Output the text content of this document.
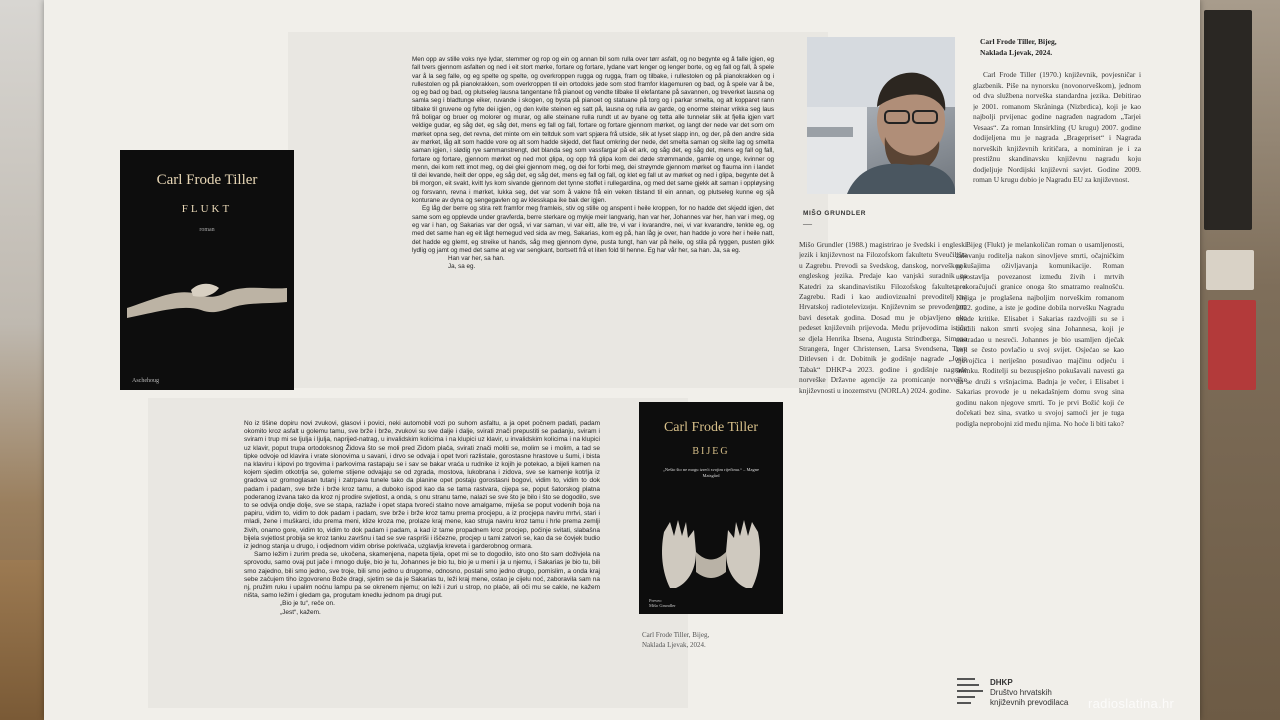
Carl Frode Tiller
FLUKT
roman
Aschehoug
Men opp av stille voks nye lydar, stemmer og rop og ein og annan bil som rulla over tørr asfalt, og no begynte eg å falle igjen, eg fall tvers gjennom asfalten og ned i eit stort mørke, fortare og fortare, lydane vart lenger og lenger borte, og eg fall og fall, å spele var å la seg falle, og eg spelte og spelte, og overkroppen rugga og rugga, fram og tilbake, i rullestolen og på pianokrakken og i rullestolen og på pianokrakken, som overkroppen til ein ortodoks jøde som stod framfor klagemuren og bad, og å spele var å be, og eg bad og bad, og plutseleg lausna tangentane frå pianoet og vendte tilbake til elefantane på savannen, og treverket lausna og samla seg i bladtunge eiker, ruvande i skogen, og bysta på pianoet og statuane på torg og i parkar smelta, og alt kopparet rann tilbake til gruvene og fylte dei igjen, og den kvite steinen eg satt på, lausna og rulla av garde, og enorme steinar vrikka seg laus frå boligar og bruer og molorer og murar, og alle steinane rulla rundt ut av byane og tetta alle tunnelar slik at fjella igjen vart veldige gudar, eg såg det, eg såg det, mens eg fall og fall, fortare og fortare gjennom mørket, og langt der nede var det som om mørket opna seg, det revna, det minte om ein teltduk som vart spjæra frå utside, slik at lyset slapp inn, og der, på den andre sida av mørket, låg alt som hadde vore og alt som hadde skjedd, det flaut omkring der nede, det smelta saman og skilte lag og smelta saman igjen, i slødig rye sammanstrengt, det blanda seg som vassfargar på eit ark, og såg det, eg såg det, mens eg fall og fall, fortare og fortare, gjennom mørket og ned mot glipa, og opp frå glipa kom dei døde strømmande, gamle og unge, kvinner og menn, dei kom rett imot meg, og dei glei gjennom meg, og dei for forbi meg, dei strøymde gjennom mørket og flauma inn i landet til dei levande, heilt der oppe, eg såg det, eg såg det, mens eg fall og fall, og klet eg fall ut av mørket og ned i glipa, begynte det å bli morgon, eit svakt, kvitt lys kom sivande gjennom det tynne stoffet i rullegardina, og med det same gjekk alt saman i oppløysing og forsvann, revna i mørket, lukka seg, det var som å vakne frå ein veken tilstand til ein annan, og plutseleg kunne eg sjå konturane av dyna og sengegavlen og av klesskapa ike bak der igjen.
Eg låg der berre og stira rett framfor meg framleis, stiv og stille og anspent i heile kroppen, for no hadde det skjedd igjen, det same som eg opplevde under gravferda, berre sterkare og mykje meir langvarig, han var her, Johannes var her, han var i meg, og eg var i han, og Sakarias var der også, vi var saman, vi var eitt, alle tre, vi var i kvarandre, nei, vi var kvarandre, tenkte eg, og med det same han eg eit lågt hemegud ved sida av meg, Sakarias, kom eg på, han låg je over, han hadde jo vore her i heile natt, det hadde eg glemt, eg streike ut hands, såg meg gjennom dyne, pusta tungt, han var på heile, og stila på ryggen, pusten gikk lydlig og jamt og med det same at eg var sengkant, bortsett frå et liten fold til henne. Eg har vår her, sa han. Ja, sa eg.
Han var her, sa han.
Ja, sa eg.
No iz tišine dopiru novi zvukovi, glasovi i povici, neki automobil vozi po suhom asfaltu, a ja opet počnem padati, padam okomito kroz asfalt u golemu tamu, sve brže i brže, zvukovi su sve dalje i dalje, svirati znači prepustiti se padanju, sviram i sviram i trup mi se ljulja i ljulja, naprijed-natrag, u invalidskim kolicima i na klupici uz klavir, u invalidskim kolicima i na klupici uz klavir, poput trupa ortodoksnog Židova što se moli pred Zidom plača, svirati znači moliti se, molim se i molim, a tad se tipke odvoje od klavira i vrate slonovima u savani, i drvo se odvaja i opet tvori razlistale, gorostasne hrastove u šumi, i bista na klaviru i kipovi po trgovima i parkovima rastapaju se i sav se bakar vraća u rudnike iz kojih je potekao, a bijeli kamen na kojem sjedim otkotrlja se, goleme stijene odvajaju se od zgrada, mostova, lukobrana i zidova, sve se kamenje kotrlja iz gradova uz gromoglasan tutanj i zatrpava tunele tako da planine opet postaju gorostasni bogovi, vidim to, vidim to dok padam i padam, sve brže i brže kroz tamu, a duboko ispod kao da se tama rastvara, cijepa se, poput šatorskog platna poderanog izvana tako da kroz nj prodire svjetlost, a onda, s onu stranu tame, nalazi se sve što je bilo i što se dogodilo, sve to se odvija ondje dolje, sve se stapa, razlaže i opet stapa tvoreći stalno nove amalgame, miješa se poput vodenih boja na papiru, vidim to, vidim to dok padam i padam, sve brže i brže kroz tamu prema procjepu, a iz procjepa naviru mrtvi, stari i mladi, žene i muškarci, idu prema meni, klize kroza me, prolaze kraj mene, kao struja naviru kroz tamu i hrle prema zemlji živih, onamo gore, vidim to, vidim to dok padam i padam, a kad iz tame propadnem kroz procjep, počinje svitati, slabašna bijela svjetlost probija se kroz tanku završnu i tad se sve raspriši i iščezne, procjep u tami zatvori se, kao da se čovjek budio iz jednog stanja u drugo, i odjednom vidim obrise pokrivača, uzglavlja kreveta i garderobnog ormara.
Samo ležim i zurim preda se, ukočena, skamenjena, napeta tijela, opet mi se to dogodilo, isto ono što sam doživjela na sprovodu, samo ovaj put jače i mnogo dulje, bio je tu, Johannes je bio tu, bio je u meni i ja u njemu, i Sakarias je bio tu, bili smo zajedno, bili smo jedno, sve troje, bili smo jedno u drugome, odnosno, postali smo jedno drugo, pomislim, a onda kraj sebe začujem tiho izgovoreno Bože dragi, sjetim se da je Sakarias tu, leži kraj mene, ostao je cijelu noć, zaboravila sam na nj, pružim ruku i upalim noćnu lampu pa se okrenem njemu; on leži i zuri u strop, no plače, ali oči mu se caklе, ne kažem ništa, samo ležim i gledam ga, progutam knedlu jednom pa drugi put.
„Bio je tu“, reče on.
„Jest“, kažem.
Carl Frode Tiller
BIJEG
„Nešto što ne mogu izreći svojim riječima.“ – Magne Matsgård
Preveo
Mišo Grundler
Carl Frode Tiller, Bijeg,
Naklada Ljevak, 2024.
MIŠO GRUNDLER
—
Mišo Grundler (1988.) magistrirao je švedski i engleski jezik i književnost na Filozofskom fakultetu Sveučilišta u Zagrebu. Prevodi sa švedskog, danskog, norveškog i engleskog jezika. Predaje kao vanjski suradnik na Katedri za skandinavistiku Filozofskog fakulteta u Zagrebu. Radi i kao audiovizualni prevoditelj na Hrvatskoj radiotelevizији. Književnim se prevođenjem bavi desetak godina. Dosad mu je objavljeno oko pedeset književnih prijevoda. Među prijevodima ističu se djela Henrika Ibsena, Augusta Strindberga, Simona Strangera, Inger Christensen, Larsa Svendsena, Tove Ditlevsen i dr. Dobitnik je godišnje nagrade „Josip Tabak“ DHKP-a 2023. godine i godišnje nagrade norveške Državne agencije za promicanje norveške književnosti u inozemstvu (NORLA) 2024. godine.
Carl Frode Tiller, Bijeg,
Naklada Ljevak, 2024.
Carl Frode Tiller (1970.) književnik, povjesničar i glazbenik. Piše na nynorsku (novonorveškom), jednom od dva službena norveška standardna jezika. Debitirao je 2001. romanom Skråninga (Nizbrdica), koji je kao najbolji prvijenac godine nagrađen nagradom „Tarjei Vesaas“. Za roman Innsirkling (U krugu) 2007. godine dodijeljena mu je nagrada „Bragepriset“ i Nagrada norveških književnih kritičara, a nominiran je i za prestižnu skandinavsku književnu nagradu koju dodjeljuje Nordijski književni savjet. Godine 2009. roman U krugu dobio je Nagradu EU za književnost.
Bijeg (Flukt) je melankoličan roman o usamljenosti, žalovanju roditelja nakon sinovljeve smrti, očajničkim pokušajima oživljavanja komunikacije. Roman uspostavlja povezanost između živih i mrtvih prekoračujući granice onoga što smatramo realnošću. Knjiga je proglašena najboljim norveškim romanom 2022. godine, a iste je godine dobila norvešku Nagradu mlade kritike. Elisabet i Sakarias razdvojili su se i otuđili nakon smrti svojeg sina Johannesa, koji je nastradao u nesreći. Johannes je bio usamljen dječak koji se često povlačio u svoj svijet. Osjećao se kao djevojčica i neriješno posudivao majčinu odjeću i šminku. Roditelji su bezuspješno pokušavali navesti ga da se druži s vršnjacima. Badnja je večer, i Elisabet i Sakarias provode je u nekadašnjem domu svog sina godinu nakon njegove smrti. To je prvi Božić koji će dočekati bez sina, svatko u svojoj samoći jer je tuga podigla neprobojni zid među njima. No hoće li biti tako?
DHKP
Društvo hrvatskih
književnih prevodilaca radioslatina.hr
